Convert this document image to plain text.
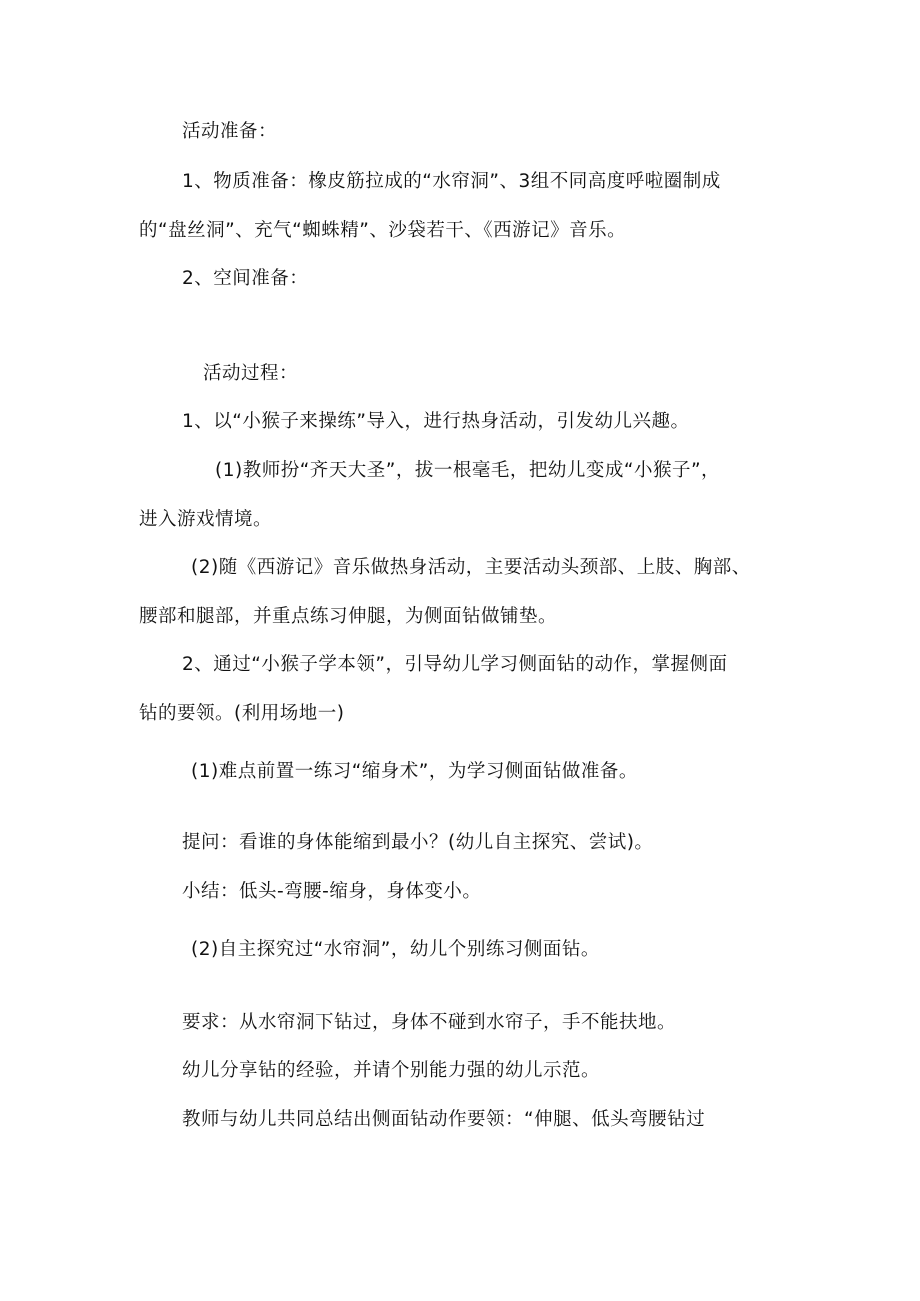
活动准备：
1、物质准备：橡皮筋拉成的“水帘洞”、3组不同高度呼啦圈制成
的“盘丝洞”、充气“蜘蛛精”、沙袋若干、《西游记》音乐。
2、空间准备：
活动过程：
1、以“小猴子来操练”导入，进行热身活动，引发幼儿兴趣。
(1)教师扮“齐天大圣”，拔一根毫毛，把幼儿变成“小猴子”，
进入游戏情境。
(2)随《西游记》音乐做热身活动，主要活动头颈部、上肢、胸部、
腰部和腿部，并重点练习伸腿，为侧面钻做铺垫。
2、通过“小猴子学本领”，引导幼儿学习侧面钻的动作，掌握侧面
钻的要领。(利用场地一)
(1)难点前置一练习“缩身术”，为学习侧面钻做准备。
提问：看谁的身体能缩到最小？(幼儿自主探究、尝试)。
小结：低头-弯腰-缩身，身体变小。
(2)自主探究过“水帘洞”，幼儿个别练习侧面钻。
要求：从水帘洞下钻过，身体不碰到水帘子，手不能扶地。
幼儿分享钻的经验，并请个别能力强的幼儿示范。
教师与幼儿共同总结出侧面钻动作要领：“伸腿、低头弯腰钻过
